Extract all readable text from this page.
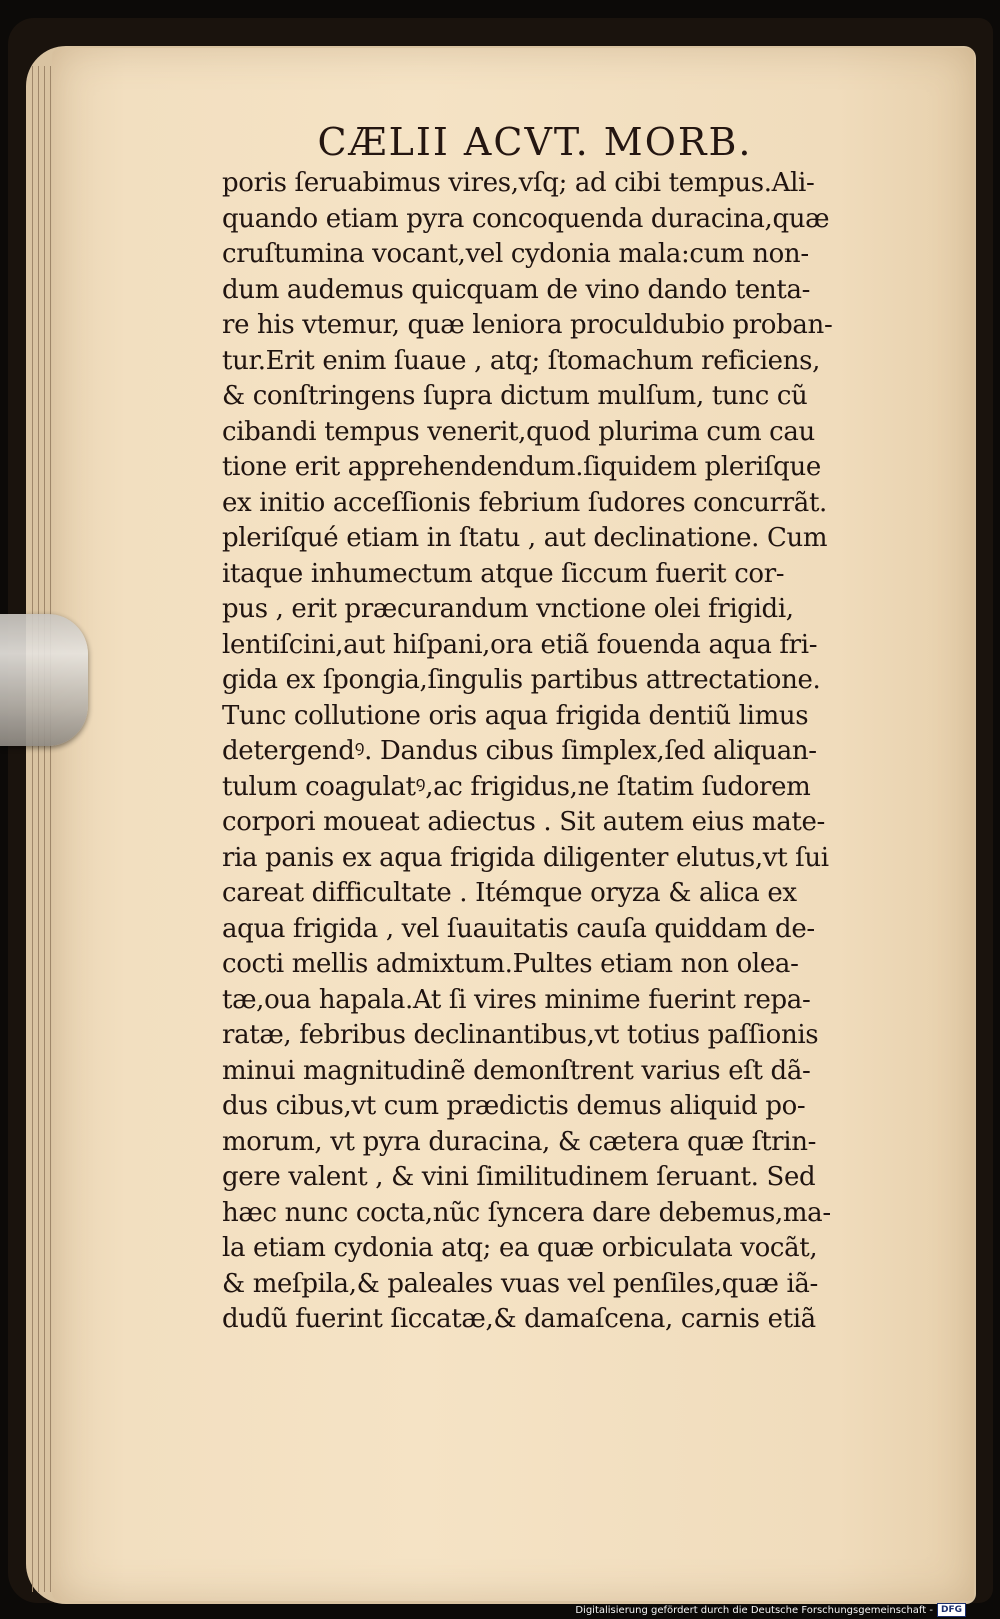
CÆLII ACVT. MORB.
poris ſeruabimus vires,vſq; ad cibi tempus.Ali-
quando etiam pyra concoquenda duracina,quæ
cruſtumina vocant,vel cydonia mala:cum non-
dum audemus quicquam de vino dando tenta-
re his vtemur, quæ leniora proculdubio proban-
tur.Erit enim ſuaue , atq; ſtomachum reficiens,
& conſtringens ſupra dictum mulſum, tunc cũ
cibandi tempus venerit,quod plurima cum cau
tione erit apprehendendum.ſiquidem pleriſque
ex initio acceſſionis febrium ſudores concurrãt.
pleriſqué etiam in ſtatu , aut declinatione. Cum
itaque inhumectum atque ſiccum fuerit cor-
pus , erit præcurandum vnctione olei frigidi,
lentiſcini,aut hiſpani,ora etiã fouenda aqua fri-
gida ex ſpongia,ſingulis partibus attrectatione.
Tunc collutione oris aqua frigida dentiũ limus
detergendꝰ. Dandus cibus ſimplex,ſed aliquan-
tulum coagulatꝰ,ac frigidus,ne ſtatim ſudorem
corpori moueat adiectus . Sit autem eius mate-
ria panis ex aqua frigida diligenter elutus,vt ſui
careat difficultate . Itémque oryza & alica ex
aqua frigida , vel ſuauitatis cauſa quiddam de-
cocti mellis admixtum.Pultes etiam non olea-
tæ,oua hapala.At ſi vires minime fuerint repa-
ratæ, febribus declinantibus,vt totius paſſionis
minui magnitudinẽ demonſtrent varius eſt dã-
dus cibus,vt cum prædictis demus aliquid po-
morum, vt pyra duracina, & cætera quæ ſtrin-
gere valent , & vini ſimilitudinem ſeruant. Sed
hæc nunc cocta,nũc ſyncera dare debemus,ma-
la etiam cydonia atq; ea quæ orbiculata vocãt,
& meſpila,& paleales vuas vel penſiles,quæ iã-
dudũ fuerint ſiccatæ,& damaſcena, carnis etiã
Digitalisierung gefördert durch die Deutsche Forschungsgemeinschaft - DFG
